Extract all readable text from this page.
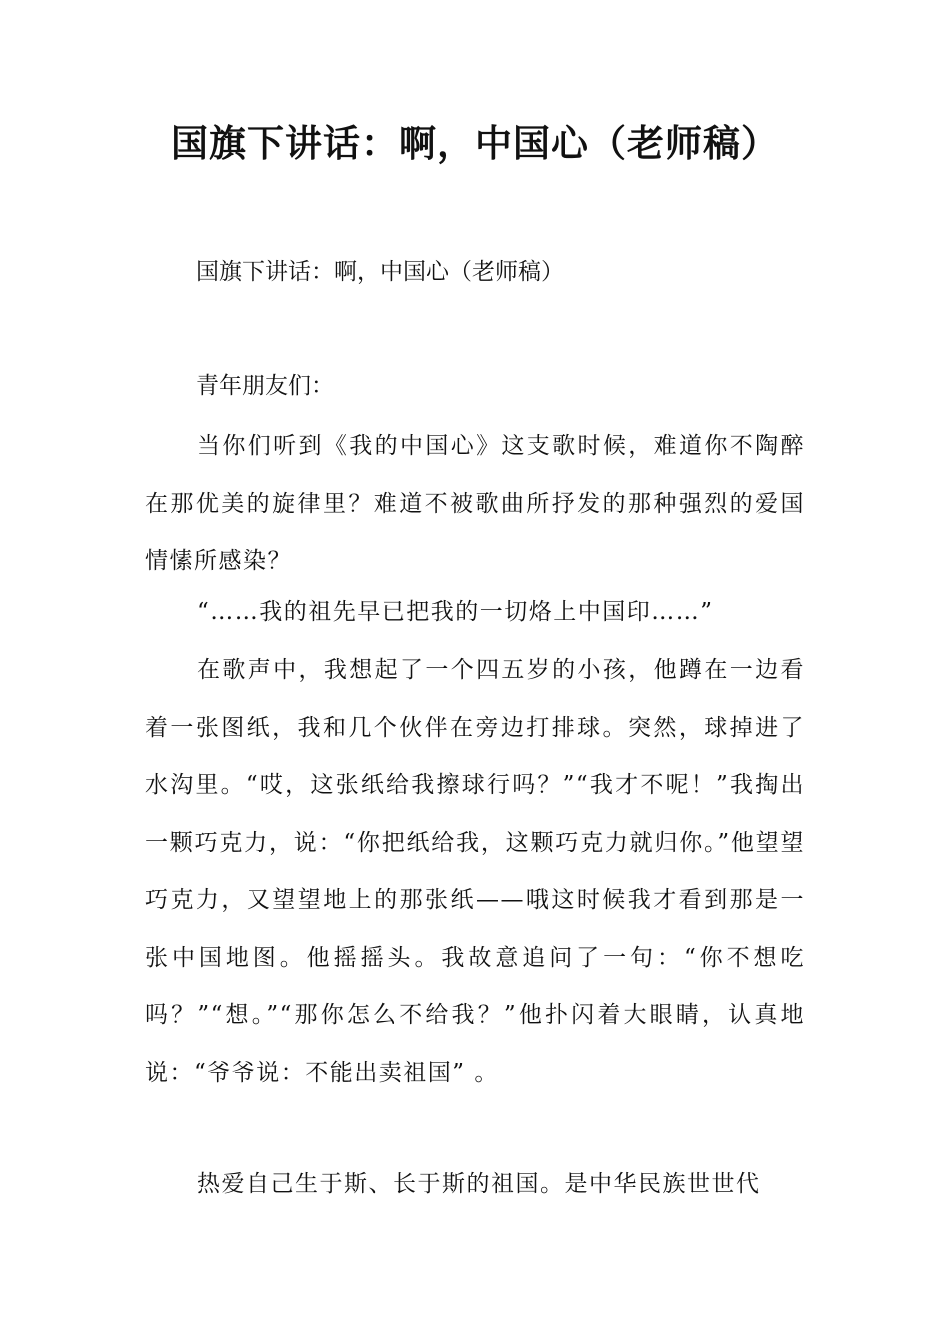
国旗下讲话：啊，中国心（老师稿）

国旗下讲话：啊，中国心（老师稿）

青年朋友们：

当你们听到《我的中国心》这支歌时候，难道你不陶醉在那优美的旋律里？难道不被歌曲所抒发的那种强烈的爱国情愫所感染？

“……我的祖先早已把我的一切烙上中国印……”

在歌声中，我想起了一个四五岁的小孩，他蹲在一边看着一张图纸，我和几个伙伴在旁边打排球。突然，球掉进了水沟里。“哎，这张纸给我擦球行吗？”“我才不呢！”我掏出一颗巧克力，说：“你把纸给我，这颗巧克力就归你。”他望望巧克力，又望望地上的那张纸——哦这时候我才看到那是一张中国地图。他摇摇头。我故意追问了一句：“你不想吃吗？”“想。”“那你怎么不给我？”他扑闪着大眼睛，认真地说：“爷爷说：不能出卖祖国” 。

热爱自己生于斯、长于斯的祖国。是中华民族世世代
